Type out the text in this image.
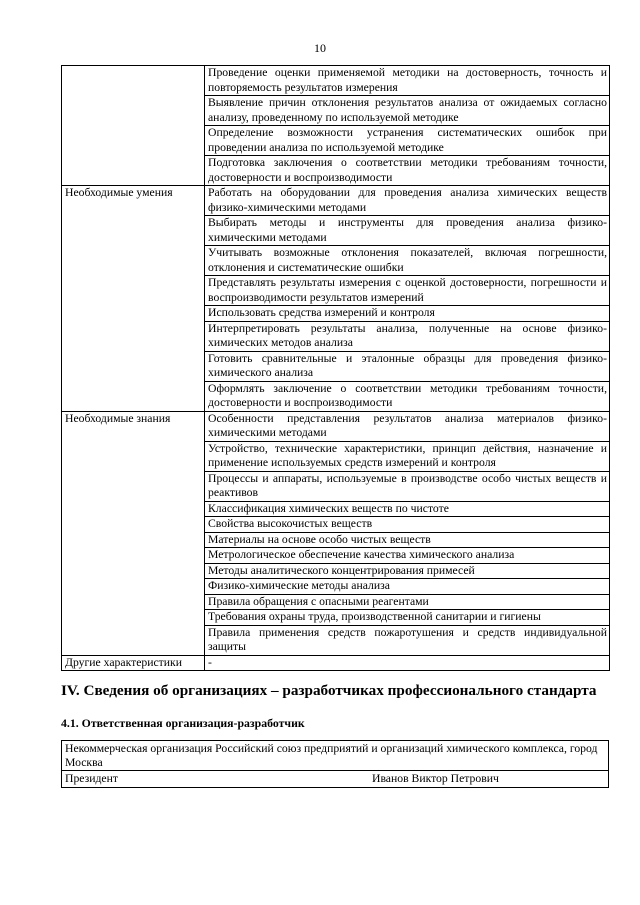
10
	Проведение оценки применяемой методики на достоверность, точность и повторяемость результатов измерения
	Выявление причин отклонения результатов анализа от ожидаемых согласно анализу, проведенному по используемой методике
	Определение возможности устранения систематических ошибок при проведении анализа по используемой методике
	Подготовка заключения о соответствии методики требованиям точности, достоверности и воспроизводимости
Необходимые умения	Работать на оборудовании для проведения анализа химических веществ физико-химическими методами
	Выбирать методы и инструменты для проведения анализа физико-химическими методами
	Учитывать возможные отклонения показателей, включая погрешности, отклонения и систематические ошибки
	Представлять результаты измерения с оценкой достоверности, погрешности и воспроизводимости результатов измерений
	Использовать средства измерений и контроля
	Интерпретировать результаты анализа, полученные на основе физико-химических методов анализа
	Готовить сравнительные и эталонные образцы для проведения физико-химического анализа
	Оформлять заключение о соответствии методики требованиям точности, достоверности и воспроизводимости
Необходимые знания	Особенности представления результатов анализа материалов физико-химическими методами
	Устройство, технические характеристики, принцип действия, назначение и применение используемых средств измерений и контроля
	Процессы и аппараты, используемые в производстве особо чистых веществ и реактивов
	Классификация химических веществ по чистоте
	Свойства высокочистых веществ
	Материалы на основе особо чистых веществ
	Метрологическое обеспечение качества химического анализа
	Методы аналитического концентрирования примесей
	Физико-химические методы анализа
	Правила обращения с опасными реагентами
	Требования охраны труда, производственной санитарии и гигиены
	Правила применения средств пожаротушения и средств индивидуальной защиты
Другие характеристики	-
IV. Сведения об организациях – разработчиках профессионального стандарта
4.1. Ответственная организация-разработчик
Некоммерческая организация Российский союз предприятий и организаций химического комплекса, город Москва
Президент	Иванов Виктор Петрович
